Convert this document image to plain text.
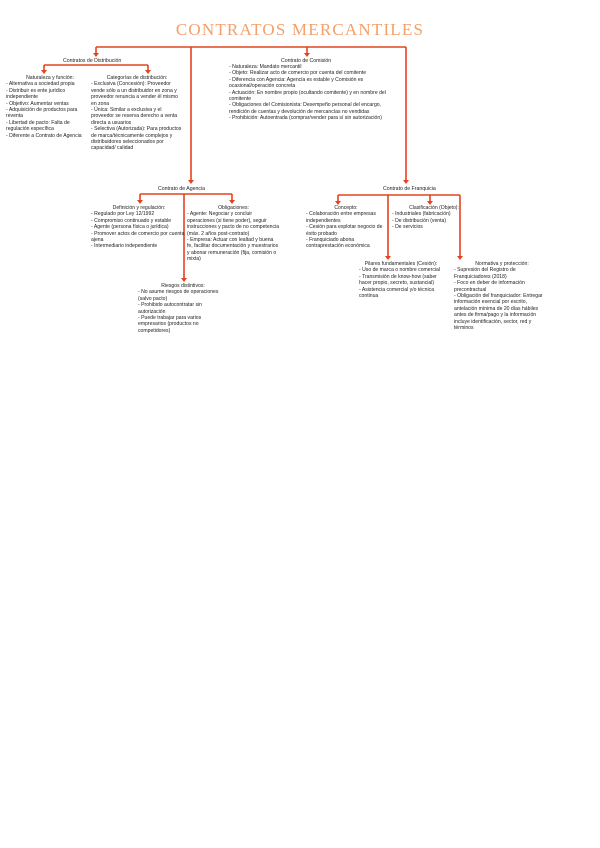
CONTRATOS MERCANTILES
Contratos de Distribución
Naturaleza y función:
- Alternativa a sociedad propia
- Distribuir es ente jurídico independiente
- Objetivo: Aumentar ventas
- Adquisición de productos para reventa
- Libertad de pacto: Falta de regulación específica
- Diferente a Contrato de Agencia
Categorías de distribución:
- Exclusiva (Concesión): Proveedor vende sólo a un distribuidor en zona y proveedor renuncia a vender él mismo en zona
- Única: Similar a exclusiva y el proveedor se reserva derecho a venta directa a usuarios
- Selectiva (Autorizada): Para productos de marca/técnicamente complejos y distribuidores seleccionados por capacidad/ calidad
Contrato de Comisión
- Naturaleza: Mandato mercantil
- Objeto: Realizar acto de comercio por cuenta del comitente
- Diferencia con Agencia: Agencia es estable y Comisión es ocasional/operación concreta
- Actuación: En nombre propio (ocultando comitente) y en nombre del comitente
- Obligaciones del Comisionista: Desempeño personal del encargo, rendición de cuentas y devolución de mercancías no vendidas
- Prohibición: Autoentrada (comprar/vender para sí sin autorización)
Contrato de Agencia
Definición y regulación:
- Regulado por Ley 12/1992
- Compromiso continuado y estable
- Agente (persona física o jurídica)
- Promover actos de comercio por cuenta ajena
- Intermediario independiente
Obligaciones:
- Agente: Negociar y concluir operaciones (si tiene poder), seguir instrucciones y pacto de no competencia (máx. 2 años post-contrato)
- Empresa: Actuar con lealtad y buena fe, facilitar documentación y muestrarios y abonar remuneración (fija, comisión o mixta)
Riesgos distintivos:
- No asume riesgos de operaciones (salvo pacto)
- Prohibido autocontratar sin autorización
- Puede trabajar para varios empresarios (productos no competidores)
Contrato de Franquicia
Concepto:
- Colaboración entre empresas independientes
- Cesión para explotar negocio de éxito probado
- Franquiciado abona contraprestación económica
Clasificación (Objeto):
- Industriales (fabricación)
- De distribución (venta)
- De servicios
Pilares fundamentales (Cesión):
- Uso de marca o nombre comercial
- Transmisión de know-how (saber hacer propio, secreto, sustancial)
- Asistencia comercial y/o técnica continua
Normativa y protección:
- Supresión del Registro de Franquiciadores (2018)
- Foco en deber de información precontractual
- Obligación del franquiciador: Entregar información esencial por escrito, antelación mínima de 20 días hábiles antes de firma/pago y la información incluye identificación, sector, red y términos
